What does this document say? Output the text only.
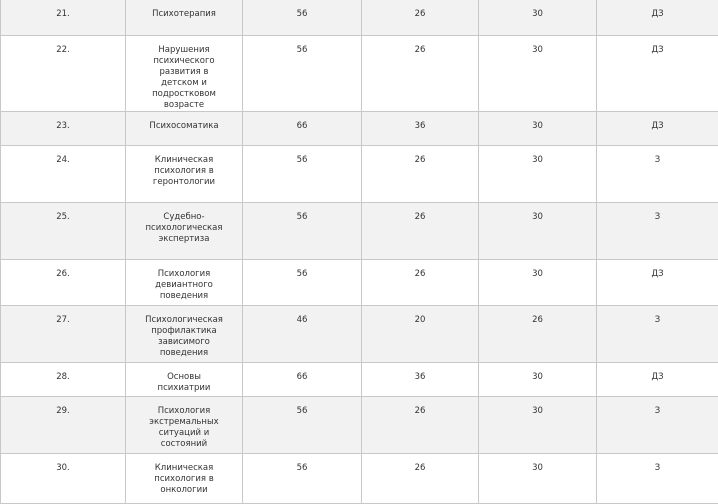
21.	Психотерапия	56	26	30	ДЗ
22.	Нарушения психического развития в детском и подростковом возрасте	56	26	30	ДЗ
23.	Психосоматика	66	36	30	ДЗ
24.	Клиническая психология в геронтологии	56	26	30	З
25.	Судебно-психологическая экспертиза	56	26	30	З
26.	Психология девиантного поведения	56	26	30	ДЗ
27.	Психологическая профилактика зависимого поведения	46	20	26	З
28.	Основы психиатрии	66	36	30	ДЗ
29.	Психология экстремальных ситуаций и состояний	56	26	30	З
30.	Клиническая психология в онкологии	56	26	30	З
